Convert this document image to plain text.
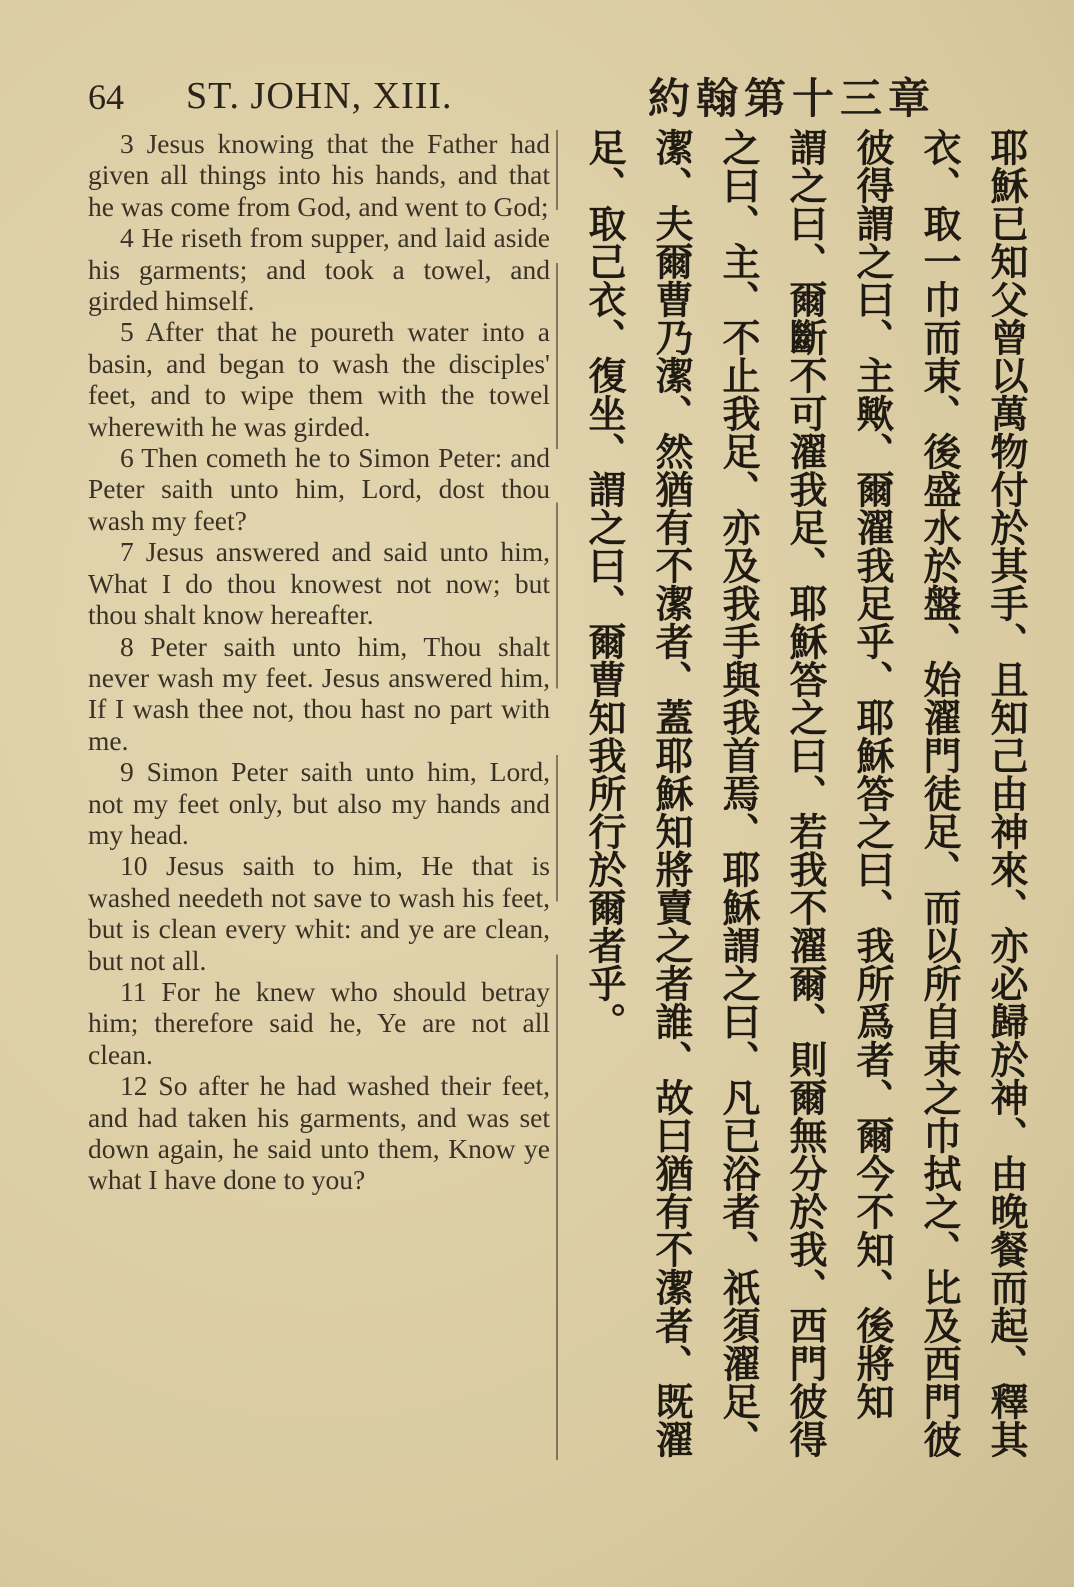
64 ST. JOHN, XIII.	約翰第十三章

3 Jesus knowing that the Father had given all things into his hands, and that he was come from God, and went to God;

4 He riseth from supper, and laid aside his garments; and took a towel, and girded himself.

5 After that he poureth water into a basin, and began to wash the disciples' feet, and to wipe them with the towel wherewith he was girded.

6 Then cometh he to Simon Peter: and Peter saith unto him, Lord, dost thou wash my feet?

7 Jesus answered and said unto him, What I do thou knowest not now; but thou shalt know hereafter.

8 Peter saith unto him, Thou shalt never wash my feet. Jesus answered him, If I wash thee not, thou hast no part with me.

9 Simon Peter saith unto him, Lord, not my feet only, but also my hands and my head.

10 Jesus saith to him, He that is washed needeth not save to wash his feet, but is clean every whit: and ye are clean, but not all.

11 For he knew who should betray him; therefore said he, Ye are not all clean.

12 So after he had washed their feet, and had taken his garments, and was set down again, he said unto them, Know ye what I have done to you?	耶穌已知父曾以萬物付於其手、且知己由神來、亦必歸於神、由晚餐而起、釋其
衣、取一巾而束、後盛水於盤、始濯門徒足、而以所自束之巾拭之、比及西門彼
彼得謂之曰、主歟、爾濯我足乎、耶穌答之曰、我所爲者、爾今不知、後將知
謂之曰、爾斷不可濯我足、耶穌答之曰、若我不濯爾、則爾無分於我、西門彼得
之曰、主、不止我足、亦及我手與我首焉、耶穌謂之曰、凡已浴者、祇須濯足、
潔、夫爾曹乃潔、然猶有不潔者、蓋耶穌知將賣之者誰、故曰猶有不潔者、既濯
足、取己衣、復坐、謂之曰、爾曹知我所行於爾者乎。
